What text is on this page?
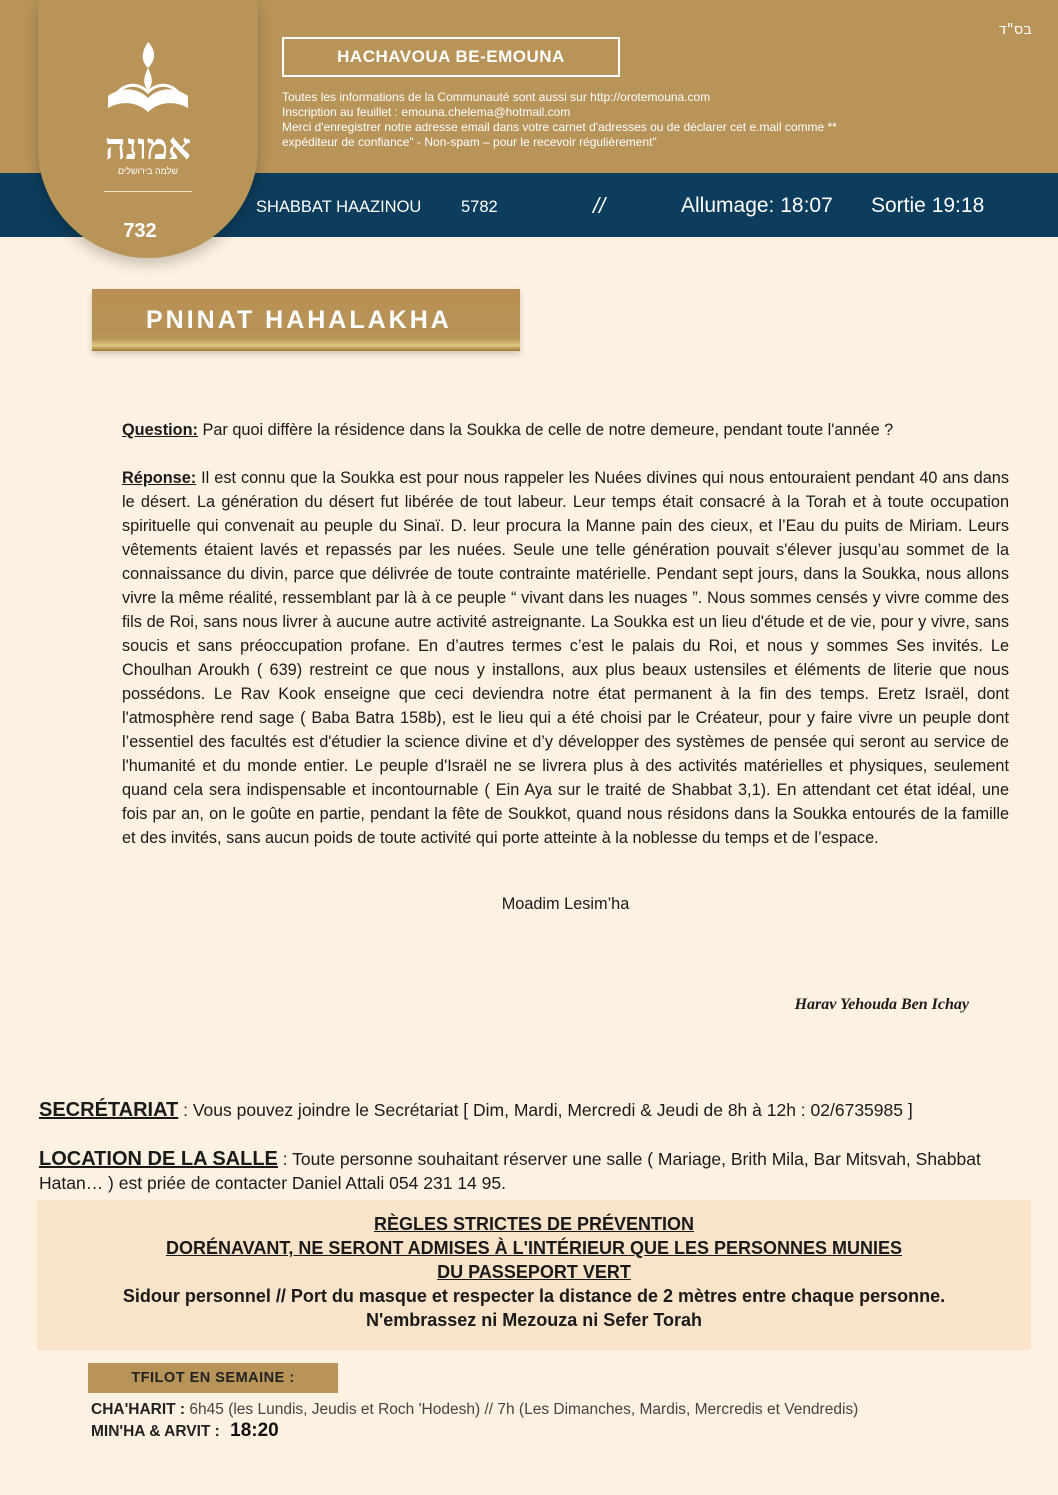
בס"ד
אמונה
שלמה בירושלים
732
HACHAVOUA BE-EMOUNA
Toutes les informations de la Communauté sont aussi sur http://orotemouna.com
Inscription au feuillet : emouna.chelema@hotmail.com
Merci d'enregistrer notre adresse email dans votre carnet d'adresses ou de déclarer cet e.mail comme **
expéditeur de confiance" - Non-spam – pour le recevoir régulièrement"
SHABBAT HAAZINOU 5782	//	Allumage: 18:07 Sortie 19:18
PNINAT HAHALAKHA

Question: Par quoi diffère la résidence dans la Soukka de celle de notre demeure, pendant toute l'année ?

Réponse: Il est connu que la Soukka est pour nous rappeler les Nuées divines qui nous entouraient pendant 40 ans dans le désert. La génération du désert fut libérée de tout labeur. Leur temps était consacré à la Torah et à toute occupation spirituelle qui convenait au peuple du Sinaï. D. leur procura la Manne pain des cieux, et l’Eau du puits de Miriam. Leurs vêtements étaient lavés et repassés par les nuées. Seule une telle génération pouvait s'élever jusqu’au sommet de la connaissance du divin, parce que délivrée de toute contrainte matérielle. Pendant sept jours, dans la Soukka, nous allons vivre la même réalité, ressemblant par là à ce peuple “ vivant dans les nuages ”. Nous sommes censés y vivre comme des fils de Roi, sans nous livrer à aucune autre activité astreignante. La Soukka est un lieu d'étude et de vie, pour y vivre, sans soucis et sans préoccupation profane. En d’autres termes c’est le palais du Roi, et nous y sommes Ses invités. Le Choulhan Aroukh ( 639) restreint ce que nous y installons, aux plus beaux ustensiles et éléments de literie que nous possédons. Le Rav Kook enseigne que ceci deviendra notre état permanent à la fin des temps. Eretz Israël, dont l'atmosphère rend sage ( Baba Batra 158b), est le lieu qui a été choisi par le Créateur, pour y faire vivre un peuple dont l’essentiel des facultés est d'étudier la science divine et d’y développer des systèmes de pensée qui seront au service de l'humanité et du monde entier. Le peuple d'Israël ne se livrera plus à des activités matérielles et physiques, seulement quand cela sera indispensable et incontournable ( Ein Aya sur le traité de Shabbat 3,1). En attendant cet état idéal, une fois par an, on le goûte en partie, pendant la fête de Soukkot, quand nous résidons dans la Soukka entourés de la famille et des invités, sans aucun poids de toute activité qui porte atteinte à la noblesse du temps et de l’espace.

Moadim Lesim’ha
Harav Yehouda Ben Ichay
SECRÉTARIAT : Vous pouvez joindre le Secrétariat [ Dim, Mardi, Mercredi & Jeudi de 8h à 12h : 02/6735985 ]
LOCATION DE LA SALLE : Toute personne souhaitant réserver une salle ( Mariage, Brith Mila, Bar Mitsvah, Shabbat Hatan… ) est priée de contacter Daniel Attali 054 231 14 95.
RÈGLES STRICTES DE PRÉVENTION
DORÉNAVANT, NE SERONT ADMISES À L'INTÉRIEUR QUE LES PERSONNES MUNIES
DU PASSEPORT VERT
Sidour personnel // Port du masque et respecter la distance de 2 mètres entre chaque personne.
N'embrassez ni Mezouza ni Sefer Torah
TFILOT EN SEMAINE :
CHA'HARIT : 6h45 (les Lundis, Jeudis et Roch 'Hodesh) // 7h (Les Dimanches, Mardis, Mercredis et Vendredis)
MIN'HA & ARVIT : 18:20
